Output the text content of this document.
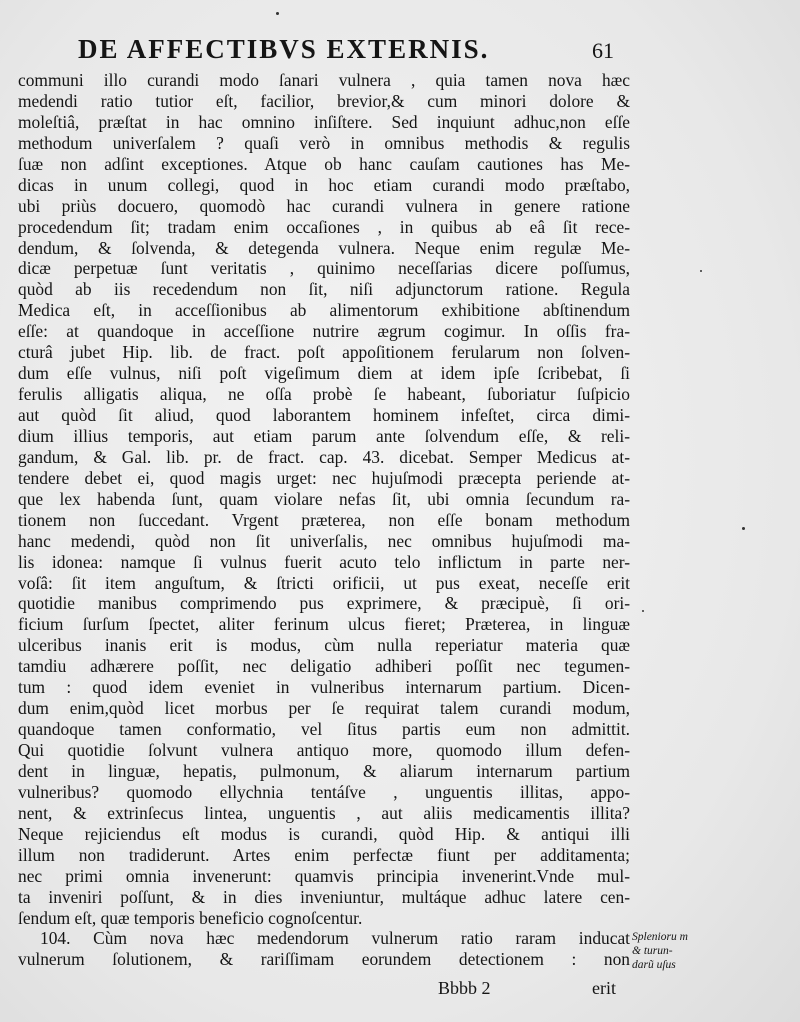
DE AFFECTIBVS EXTERNIS.	61
communi illo curandi modo ſanari vulnera , quia tamen nova hæc
medendi ratio tutior eſt, facilior, brevior,& cum minori dolore &
moleſtiâ, præſtat in hac omnino inſiſtere. Sed inquiunt adhuc,non eſſe
methodum univerſalem ? quaſi verò in omnibus methodis & regulis
ſuæ non adſint exceptiones. Atque ob hanc cauſam cautiones has Me-
dicas in unum collegi, quod in hoc etiam curandi modo præſtabo,
ubi priùs docuero, quomodò hac curandi vulnera in genere ratione
procedendum ſit; tradam enim occaſiones , in quibus ab eâ ſit rece-
dendum, & ſolvenda, & detegenda vulnera. Neque enim regulæ Me-
dicæ perpetuæ ſunt veritatis , quinimo neceſſarias dicere poſſumus,
quòd ab iis recedendum non ſit, niſi adjunctorum ratione. Regula
Medica eſt, in acceſſionibus ab alimentorum exhibitione abſtinendum
eſſe: at quandoque in acceſſione nutrire ægrum cogimur. In oſſis fra-
cturâ jubet Hip. lib. de fract. poſt appoſitionem ferularum non ſolven-
dum eſſe vulnus, niſi poſt vigeſimum diem at idem ipſe ſcribebat, ſi
ferulis alligatis aliqua, ne oſſa probè ſe habeant, ſuboriatur ſuſpicio
aut quòd ſit aliud, quod laborantem hominem infeſtet, circa dimi-
dium illius temporis, aut etiam parum ante ſolvendum eſſe, & reli-
gandum, & Gal. lib. pr. de fract. cap. 43. dicebat. Semper Medicus at-
tendere debet ei, quod magis urget: nec hujuſmodi præcepta periende at-
que lex habenda ſunt, quam violare nefas ſit, ubi omnia ſecundum ra-
tionem non ſuccedant. Vrgent præterea, non eſſe bonam methodum
hanc medendi, quòd non ſit univerſalis, nec omnibus hujuſmodi ma-
lis idonea: namque ſi vulnus fuerit acuto telo inflictum in parte ner-
voſâ: ſit item anguſtum, & ſtricti orificii, ut pus exeat, neceſſe erit
quotidie manibus comprimendo pus exprimere, & præcipuè, ſi ori-
ficium ſurſum ſpectet, aliter ferinum ulcus fieret; Præterea, in linguæ
ulceribus inanis erit is modus, cùm nulla reperiatur materia quæ
tamdiu adhærere poſſit, nec deligatio adhiberi poſſit nec tegumen-
tum : quod idem eveniet in vulneribus internarum partium. Dicen-
dum enim,quòd licet morbus per ſe requirat talem curandi modum,
quandoque tamen conformatio, vel ſitus partis eum non admittit.
Qui quotidie ſolvunt vulnera antiquo more, quomodo illum defen-
dent in linguæ, hepatis, pulmonum, & aliarum internarum partium
vulneribus? quomodo ellychnia tentáſve , unguentis illitas, appo-
nent, & extrinſecus lintea, unguentis , aut aliis medicamentis illita?
Neque rejiciendus eſt modus is curandi, quòd Hip. & antiqui illi
illum non tradiderunt. Artes enim perfectæ fiunt per additamenta;
nec primi omnia invenerunt: quamvis principia invenerint.Vnde mul-
ta inveniri poſſunt, & in dies inveniuntur, multáque adhuc latere cen-
ſendum eſt, quæ temporis beneficio cognoſcentur.
104. Cùm nova hæc medendorum vulnerum ratio raram inducat
vulnerum ſolutionem, & rariſſimam eorundem detectionem : non
Splenioru m
& turun-
darũ uſus
Bbbb 2	erit
